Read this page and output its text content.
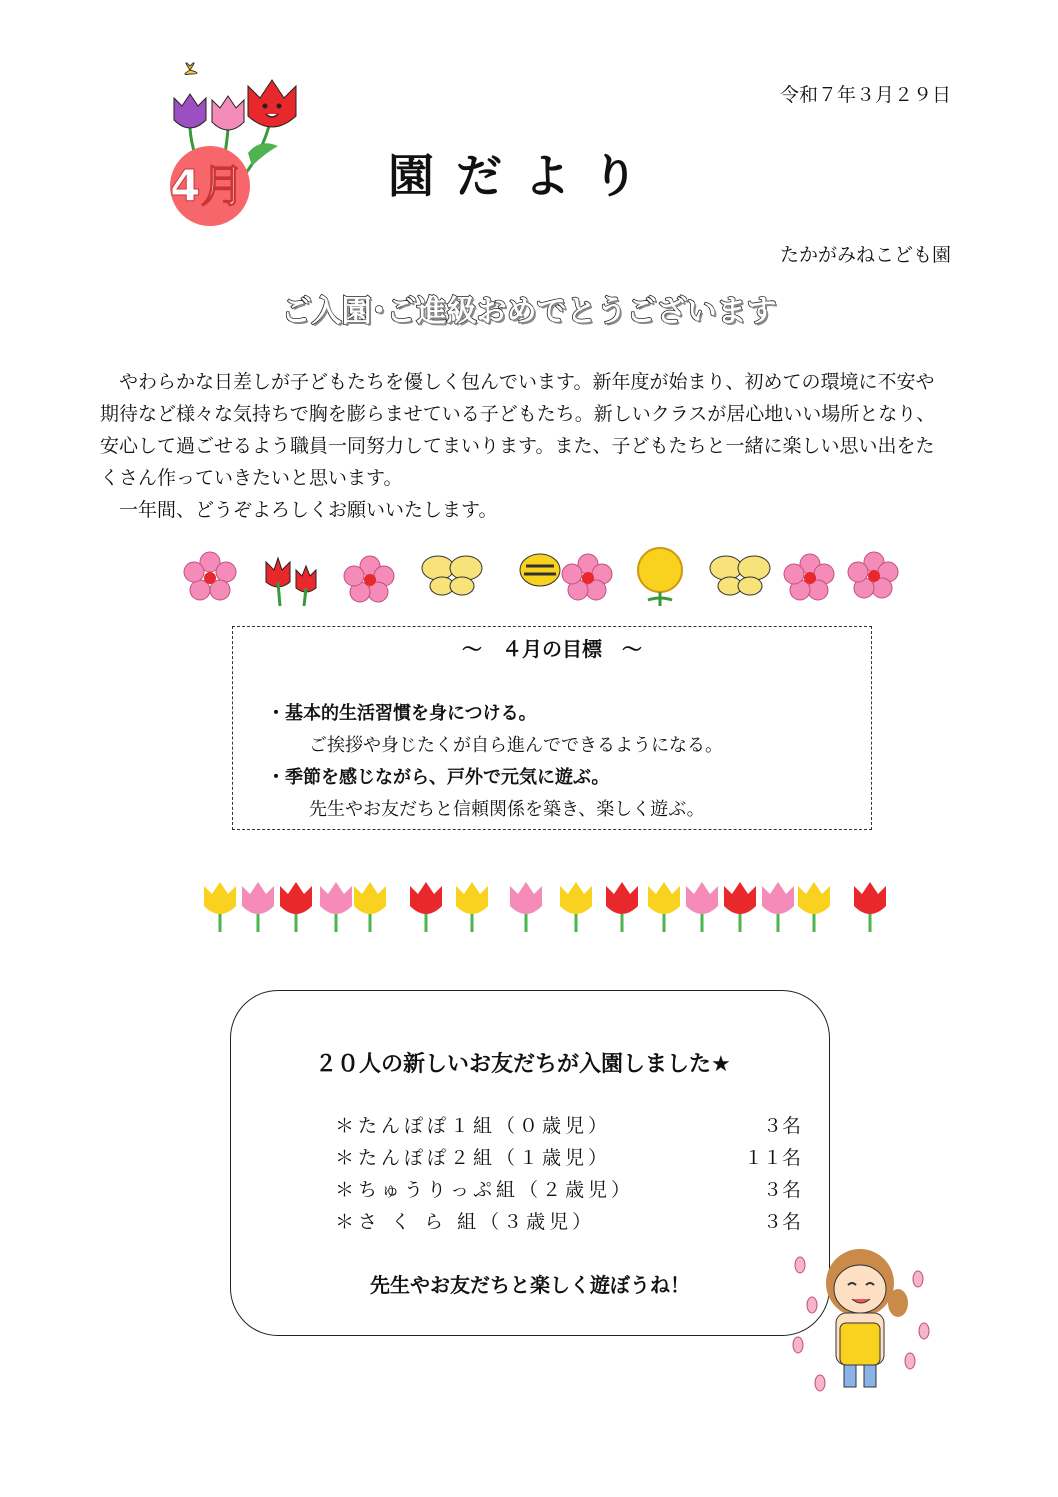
4月
令和７年３月２９日
園だより
たかがみねこども園
ご入園･ご進級おめでとうございます

やわらかな日差しが子どもたちを優しく包んでいます。新年度が始まり、初めての環境に不安や
期待など様々な気持ちで胸を膨らませている子どもたち。新しいクラスが居心地いい場所となり、
安心して過ごせるよう職員一同努力してまいります。また、子どもたちと一緒に楽しい思い出をた
くさん作っていきたいと思います。

一年間、どうぞよろしくお願いいたします。

～　４月の目標　～
・基本的生活習慣を身につける。
ご挨拶や身じたくが自ら進んでできるようになる。
・季節を感じながら、戸外で元気に遊ぶ。
先生やお友だちと信頼関係を築き、楽しく遊ぶ。
２０人の新しいお友だちが入園しました★
＊たんぽぽ１組（０歳児）	３名
＊たんぽぽ２組（１歳児）	１１名
＊ちゅうりっぷ組（２歳児）	３名
＊さ く ら 組（３歳児）	３名
先生やお友だちと楽しく遊ぼうね！
